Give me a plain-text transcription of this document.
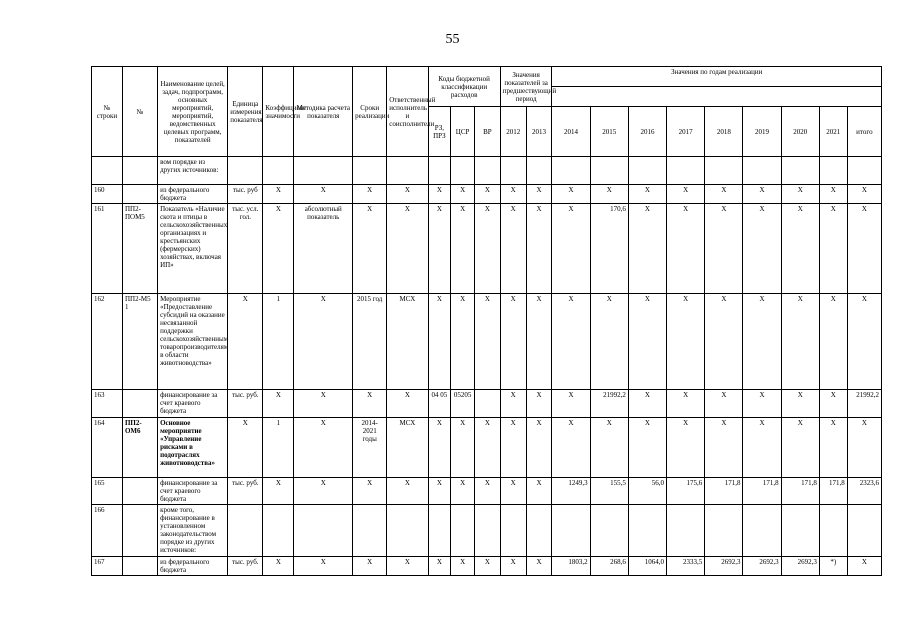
55
№ строки	№	Наименование целей, задач, подпрограмм, основных мероприятий, мероприятий, ведомственных целевых программ, показателей	Единица измерения показателя	Коэффициент значимости	Методика расчета показателя	Сроки реализации	Ответственный исполнитель и соисполнители	Коды бюджетной классификации расходов			Значения показателей за предшествующий период		Значения по годам реализации								

								РЗ, ПРЗ	ЦСР	ВР	2012	2013	2014	2015	2016	2017	2018	2019	2020	2021	итого
		вом порядке из других источников:																			
160		из федерального бюджета	тыс. руб	X	X	X	X	X	X	X	X	X	X	X	X	X	X	X	X	X	X
161	ПП2-ПОМ5	Показатель «Наличие скота и птицы в сельскохозяйственных организациях и крестьянских (фермерских) хозяйствах, включая ИП»	тыс. усл. гол.	X	абсолютный показатель	X	X	X	X	X	X	X	X	170,6	X	X	X	X	X	X	X
162	ПП2-М5 1	Мероприятие «Предоставление субсидий на оказание несвязанной поддержки сельскохозяйственным товаропроизводителям в области животноводства»	X	1	X	2015 год	МСХ	X	X	X	X	X	X	X	X	X	X	X	X	X	X
163		финансирование за счет краевого бюджета	тыс. руб.	X	X	X	X	04 05	05205		X	X	X	21992,2	X	X	X	X	X	X	21992,2
164	ПП2-ОМ6	Основное мероприятие «Управление рисками в подотраслях животноводства»	X	1	X	2014-2021 годы	МСХ	X	X	X	X	X	X	X	X	X	X	X	X	X	X
165		финансирование за счет краевого бюджета	тыс. руб.	X	X	X	X	X	X	X	X	X	1249,3	155,5	56,0	175,6	171,8	171,8	171,8	171,8	2323,6
166		кроме того, финансирование в установленном законодательством порядке из других источников:																			
167		из федерального бюджета	тыс. руб.	X	X	X	X	X	X	X	X	X	1803,2	268,6	1064,0	2333,5	2692,3	2692,3	2692,3	*)	X
